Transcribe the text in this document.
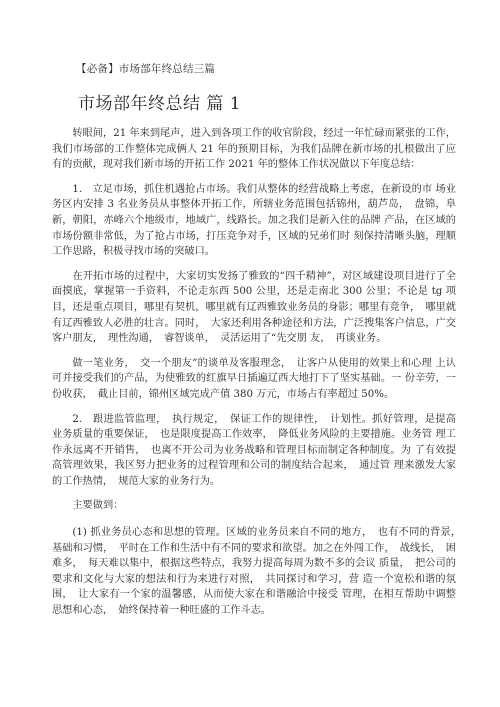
【必备】市场部年终总结三篇
市场部年终总结 篇 1

转眼间，21 年来到尾声，进入到各项工作的收官阶段，经过一年忙碌而紧张的工作，我们市场部的工作整体完成俩人 21 年的预期目标，为我们品牌在新市场的扎根做出了应有的贡献，现对我们新市场的开拓工作 2021 年的整体工作状况做以下年度总结：

1.　立足市场，抓住机遇抢占市场。我们从整体的经营战略上考虑，在新设的市 场业务区内安排 3 名业务员从事整体开拓工作，所辖业务范围包括锦州，葫芦岛，　盘锦，阜新，朝阳，赤峰六个地级市，地域广，线路长。加之我们是新入住的品牌 产品，在区域的市场份额非常低，为了抢占市场，打压竞争对手，区域的兄弟们时 刻保持清晰头脑，理顺工作思路，积极寻找市场的突破口。

在开拓市场的过程中，大家切实发扬了雅致的“四千精神”，对区域建设项目进行了全面摸底，掌握第一手资料，不论走东西 500 公里，还是走南北 300 公里；不论是 tg 项目，还是重点项目，哪里有契机，哪里就有辽西雅致业务员的身影；哪里有竞争，　哪里就有辽西雅致人必胜的壮言。同时，　大家还利用各种途径和方法，广泛搜集客户信息，广交客户朋友，　理性沟通，　睿智谈单，　灵活运用了“先交朋 友，　再谈业务。

做一笔业务，　交一个朋友”的谈单及客服理念，　让客户从使用的效果上和心理 上认可并接受我们的产品，为使雅致的红旗早日插遍辽西大地打下了坚实基础。一 份辛劳，一份收获，　截止目前，锦州区域完成产值 380 万元，市场占有率超过 50%。

2.　跟进监管监理，　执行规定，　保证工作的规律性，　计划性。抓好管理，是提高 业务质量的重要保证，　也是限度提高工作效率，　降低业务风险的主要措施。业务管 理工作永远离不开销售，　也离不开公司为业务战略和管理目标而制定各种制度。为 了有效提高管理效果，我区努力把业务的过程管理和公司的制度结合起来，　通过管 理来激发大家的工作热情，　规范大家的业务行为。

主要做到：

(1) 抓业务员心态和思想的管理。区域的业务员来自不同的地方，　也有不同的背景，　基础和习惯，　平时在工作和生活中有不同的要求和欲望。加之在外闯工作，　战线长，　困难多，　每天难以集中，根据这些特点，我努力提高每周为数不多的会议 质量，　把公司的要求和文化与大家的想法和行为来进行对照，　共同探讨和学习，营 造一个宽松和谐的氛围，　让大家有一个家的温馨感，从而使大家在和谐融洽中接受 管理，在相互帮助中调整思想和心态，　始终保持着一种旺盛的工作斗志。
